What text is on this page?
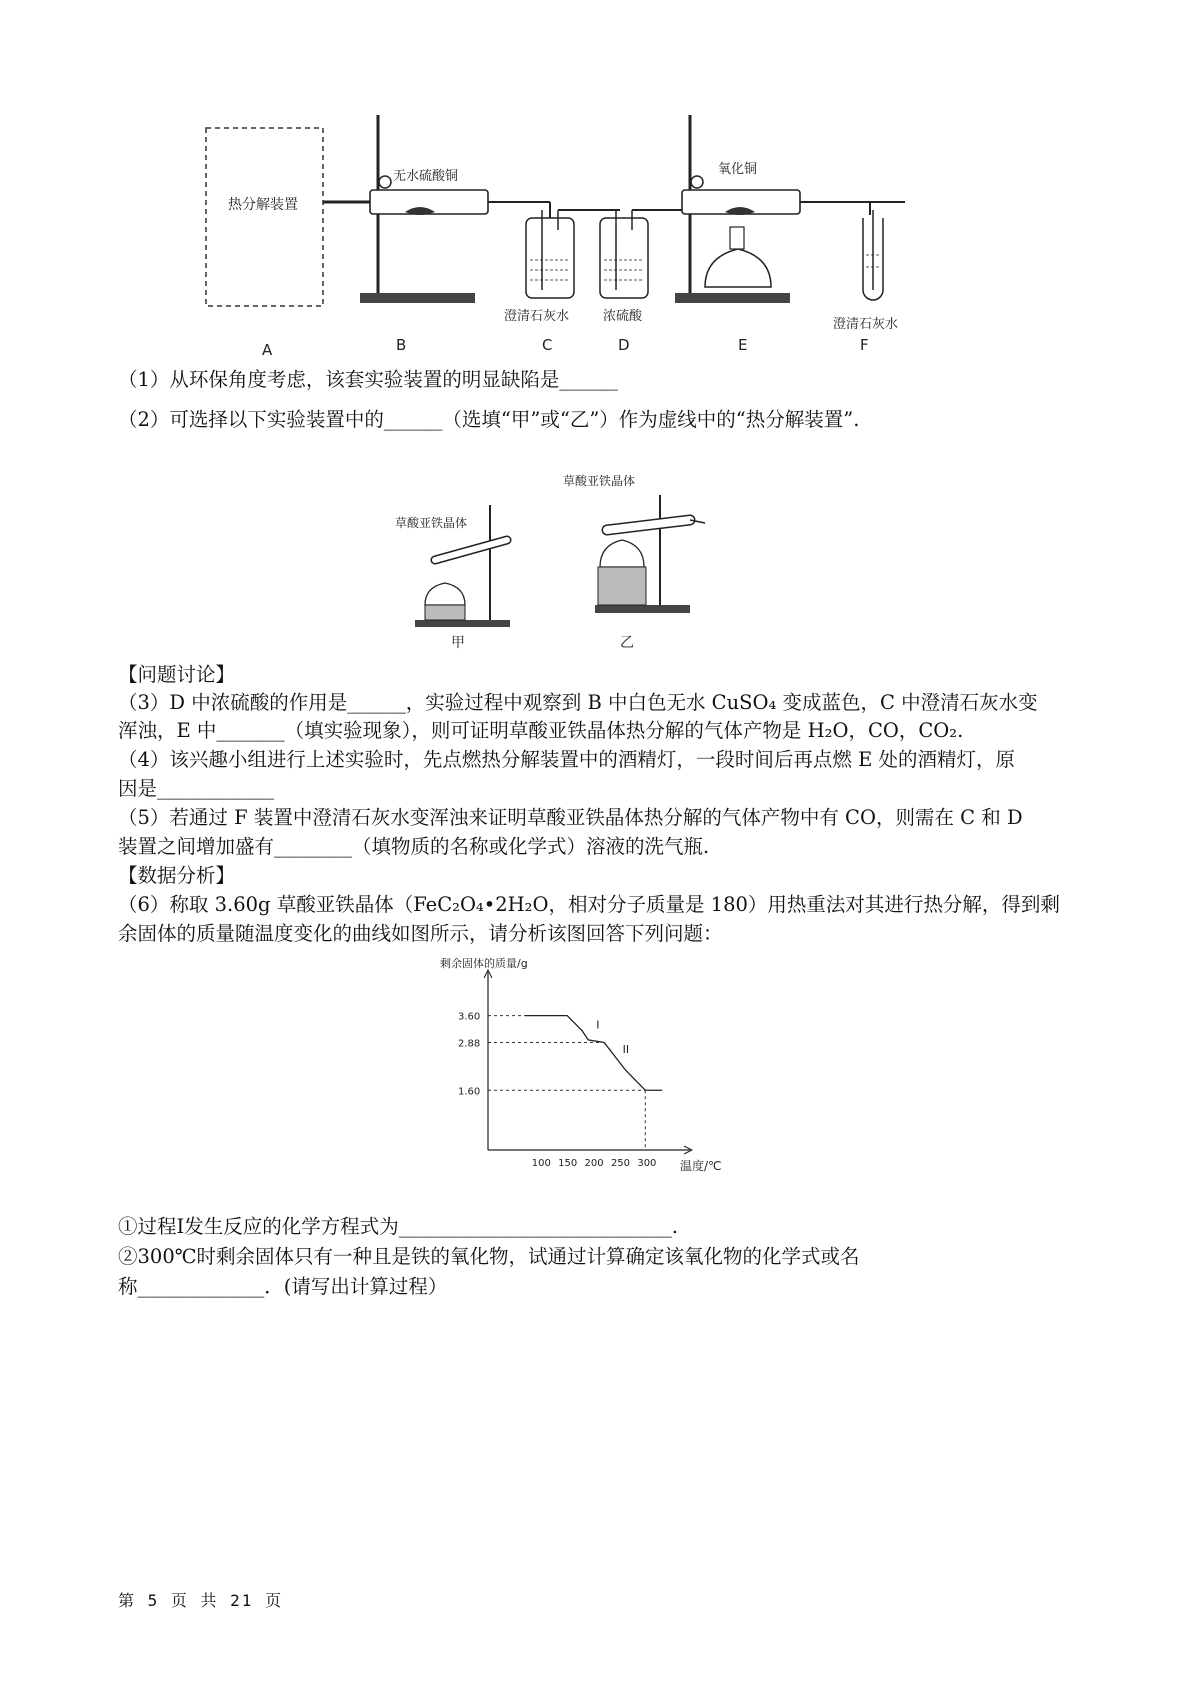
热分解装置
无水硫酸铜
澄清石灰水	浓硫酸
氧化铜
澄清石灰水
A	B	C	D	E	F
（1）从环保角度考虑，该套实验装置的明显缺陷是______
（2）可选择以下实验装置中的______（选填“甲”或“乙”）作为虚线中的“热分解装置”.
草酸亚铁晶体
甲
草酸亚铁晶体
乙
【问题讨论】
（3）D 中浓硫酸的作用是______，实验过程中观察到 B 中白色无水 CuSO₄ 变成蓝色，C 中澄清石灰水变
浑浊，E 中_______（填实验现象），则可证明草酸亚铁晶体热分解的气体产物是 H₂O，CO，CO₂.
（4）该兴趣小组进行上述实验时，先点燃热分解装置中的酒精灯，一段时间后再点燃 E 处的酒精灯，原
因是____________
（5）若通过 F 装置中澄清石灰水变浑浊来证明草酸亚铁晶体热分解的气体产物中有 CO，则需在 C 和 D
装置之间增加盛有________（填物质的名称或化学式）溶液的洗气瓶.
【数据分析】
（6）称取 3.60g 草酸亚铁晶体（FeC₂O₄•2H₂O，相对分子质量是 180）用热重法对其进行热分解，得到剩
余固体的质量随温度变化的曲线如图所示，请分析该图回答下列问题：
剩余固体的质量/g
温度/℃
3.60
2.88
1.60
100 150 200 250 300
I
II
①过程Ⅰ发生反应的化学方程式为____________________________.
②300℃时剩余固体只有一种且是铁的氧化物，试通过计算确定该氧化物的化学式或名
称_____________．(请写出计算过程）
第 5 页 共 21 页
